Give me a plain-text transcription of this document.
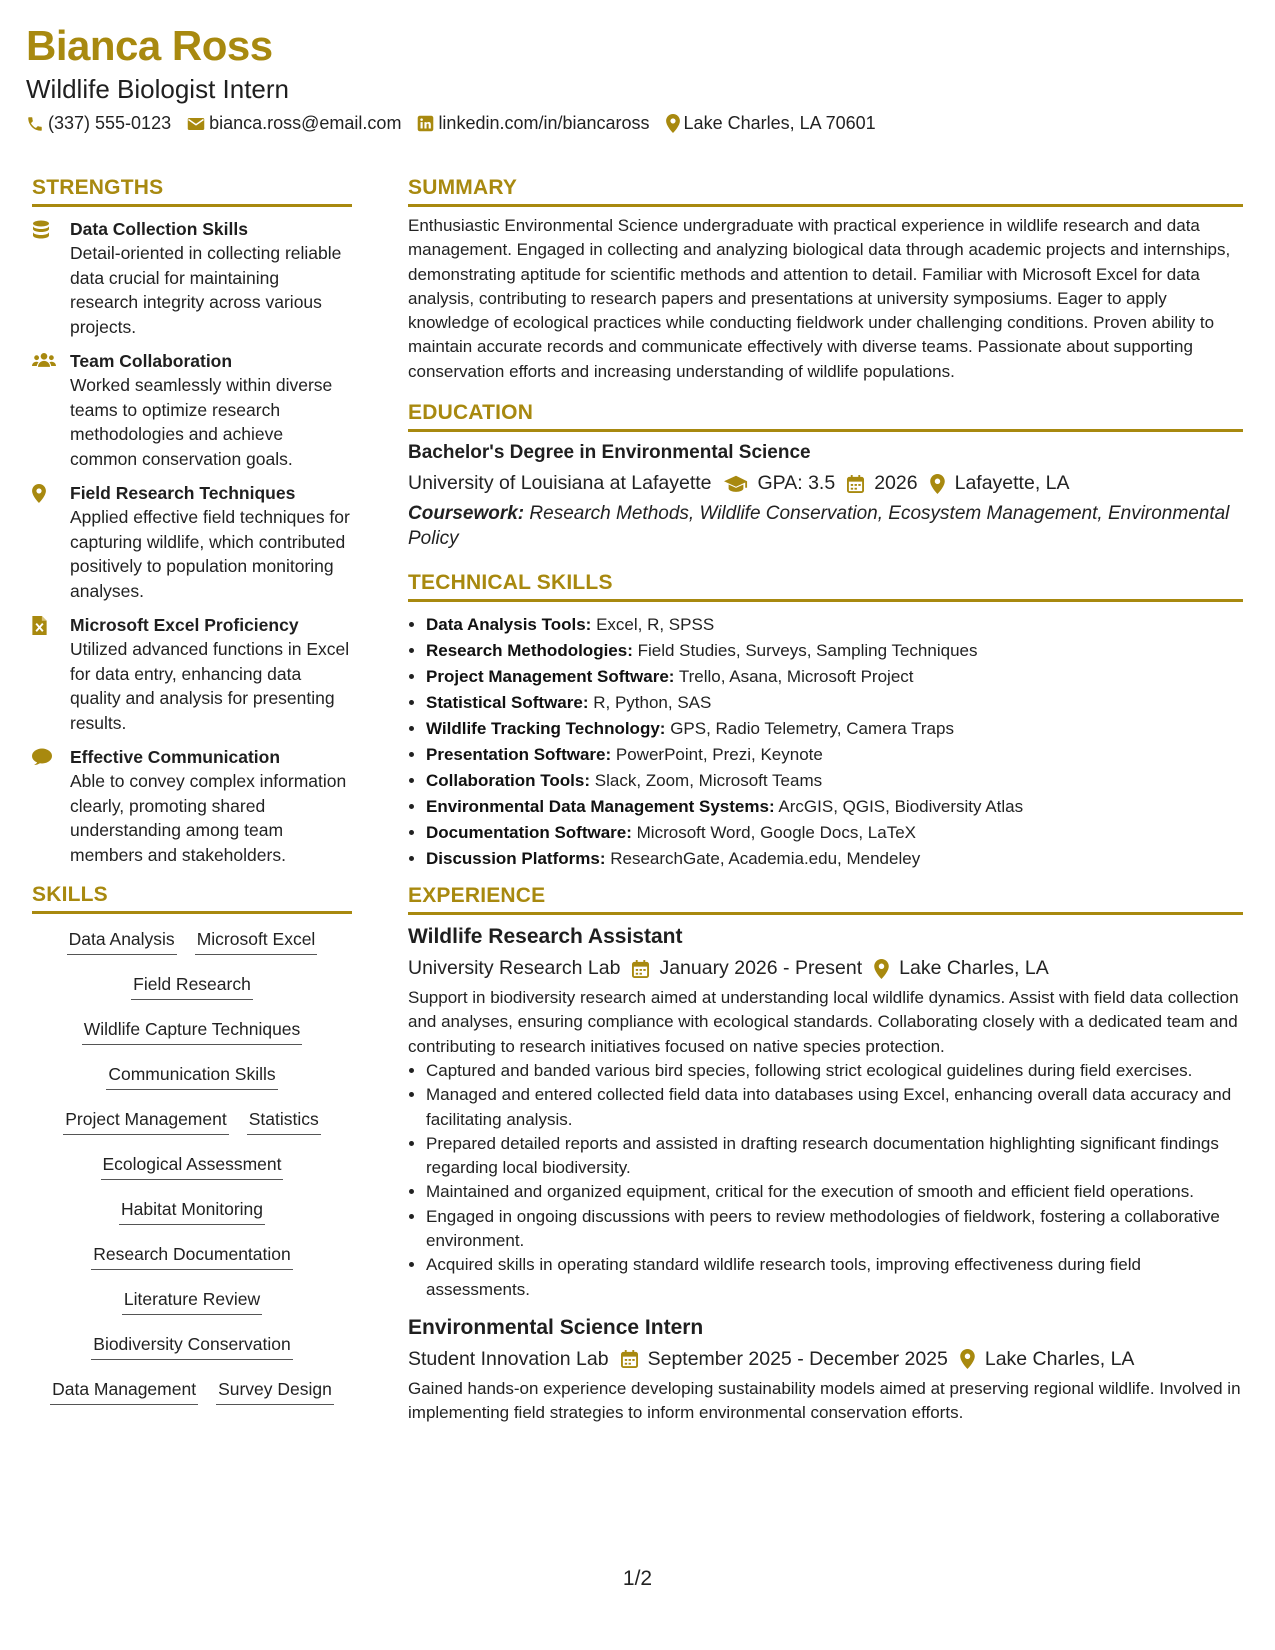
Bianca Ross
Wildlife Biologist Intern
(337) 555-0123 bianca.ross@email.com linkedin.com/in/biancaross Lake Charles, LA 70601
STRENGTHS
Data Collection Skills
Detail-oriented in collecting reliable data crucial for maintaining research integrity across various projects.
Team Collaboration
Worked seamlessly within diverse teams to optimize research methodologies and achieve common conservation goals.
Field Research Techniques
Applied effective field techniques for capturing wildlife, which contributed positively to population monitoring analyses.
Microsoft Excel Proficiency
Utilized advanced functions in Excel for data entry, enhancing data quality and analysis for presenting results.
Effective Communication
Able to convey complex information clearly, promoting shared understanding among team members and stakeholders.
SKILLS
Data Analysis Microsoft Excel
Field Research
Wildlife Capture Techniques
Communication Skills
Project Management Statistics
Ecological Assessment
Habitat Monitoring
Research Documentation
Literature Review
Biodiversity Conservation
Data Management Survey Design
SUMMARY
Enthusiastic Environmental Science undergraduate with practical experience in wildlife research and data management. Engaged in collecting and analyzing biological data through academic projects and internships, demonstrating aptitude for scientific methods and attention to detail. Familiar with Microsoft Excel for data analysis, contributing to research papers and presentations at university symposiums. Eager to apply knowledge of ecological practices while conducting fieldwork under challenging conditions. Proven ability to maintain accurate records and communicate effectively with diverse teams. Passionate about supporting conservation efforts and increasing understanding of wildlife populations.
EDUCATION
Bachelor's Degree in Environmental Science
University of Louisiana at Lafayette GPA: 3.5 2026 Lafayette, LA
Coursework: Research Methods, Wildlife Conservation, Ecosystem Management, Environmental Policy
TECHNICAL SKILLS
• Data Analysis Tools: Excel, R, SPSS
• Research Methodologies: Field Studies, Surveys, Sampling Techniques
• Project Management Software: Trello, Asana, Microsoft Project
• Statistical Software: R, Python, SAS
• Wildlife Tracking Technology: GPS, Radio Telemetry, Camera Traps
• Presentation Software: PowerPoint, Prezi, Keynote
• Collaboration Tools: Slack, Zoom, Microsoft Teams
• Environmental Data Management Systems: ArcGIS, QGIS, Biodiversity Atlas
• Documentation Software: Microsoft Word, Google Docs, LaTeX
• Discussion Platforms: ResearchGate, Academia.edu, Mendeley
EXPERIENCE
Wildlife Research Assistant
University Research Lab January 2026 - Present Lake Charles, LA
Support in biodiversity research aimed at understanding local wildlife dynamics. Assist with field data collection and analyses, ensuring compliance with ecological standards. Collaborating closely with a dedicated team and contributing to research initiatives focused on native species protection.
• Captured and banded various bird species, following strict ecological guidelines during field exercises.
• Managed and entered collected field data into databases using Excel, enhancing overall data accuracy and facilitating analysis.
• Prepared detailed reports and assisted in drafting research documentation highlighting significant findings regarding local biodiversity.
• Maintained and organized equipment, critical for the execution of smooth and efficient field operations.
• Engaged in ongoing discussions with peers to review methodologies of fieldwork, fostering a collaborative environment.
• Acquired skills in operating standard wildlife research tools, improving effectiveness during field assessments.
Environmental Science Intern
Student Innovation Lab September 2025 - December 2025 Lake Charles, LA
Gained hands-on experience developing sustainability models aimed at preserving regional wildlife. Involved in implementing field strategies to inform environmental conservation efforts.
1/2
